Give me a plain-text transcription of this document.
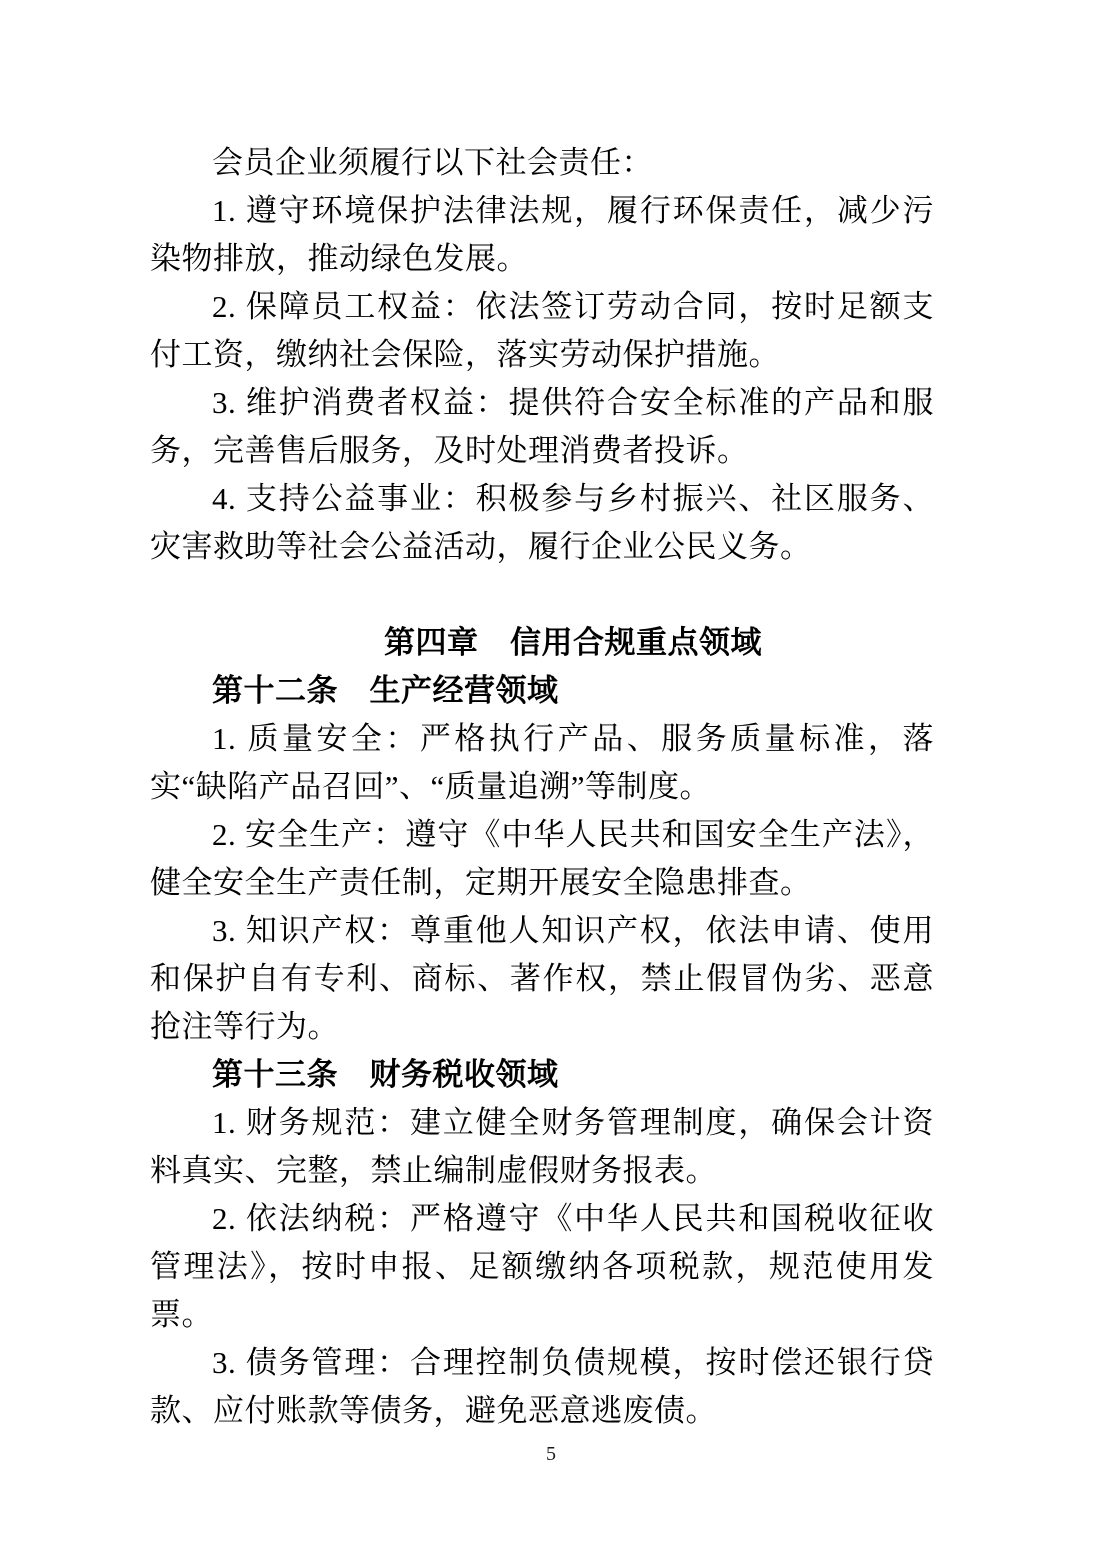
会员企业须履行以下社会责任：

1. 遵守环境保护法律法规，履行环保责任，减少污染物排放，推动绿色发展。

2. 保障员工权益：依法签订劳动合同，按时足额支付工资，缴纳社会保险，落实劳动保护措施。

3. 维护消费者权益：提供符合安全标准的产品和服务，完善售后服务，及时处理消费者投诉。

4. 支持公益事业：积极参与乡村振兴、社区服务、灾害救助等社会公益活动，履行企业公民义务。

第四章　信用合规重点领域
第十二条　生产经营领域

1. 质量安全：严格执行产品、服务质量标准，落实“缺陷产品召回”、“质量追溯”等制度。

2. 安全生产：遵守《中华人民共和国安全生产法》，健全安全生产责任制，定期开展安全隐患排查。

3. 知识产权：尊重他人知识产权，依法申请、使用和保护自有专利、商标、著作权，禁止假冒伪劣、恶意抢注等行为。

第十三条　财务税收领域

1. 财务规范：建立健全财务管理制度，确保会计资料真实、完整，禁止编制虚假财务报表。

2. 依法纳税：严格遵守《中华人民共和国税收征收管理法》，按时申报、足额缴纳各项税款，规范使用发票。

3. 债务管理：合理控制负债规模，按时偿还银行贷款、应付账款等债务，避免恶意逃废债。

5
